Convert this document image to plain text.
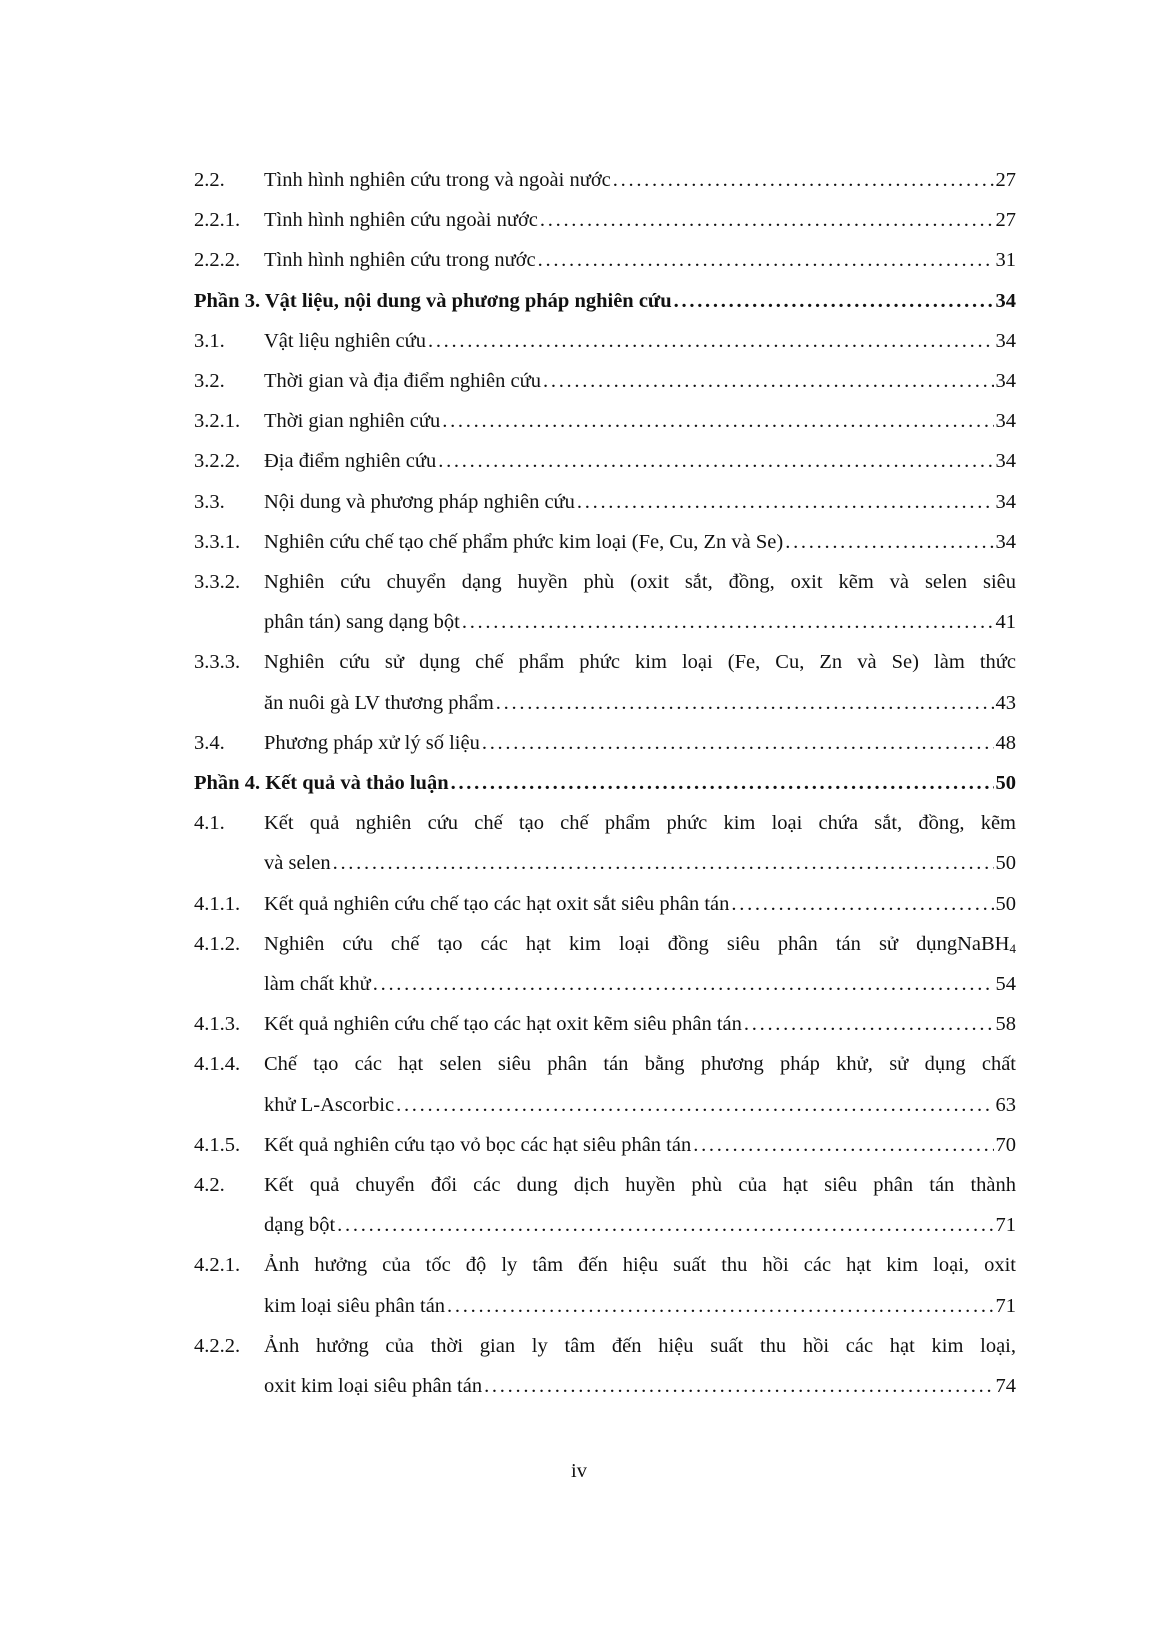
2.2.	Tình hình nghiên cứu trong và ngoài nước . . .	27
2.2.1.	Tình hình nghiên cứu ngoài nước . . .	27
2.2.2.	Tình hình nghiên cứu trong nước . . .	31
Phần 3. Vật liệu, nội dung và phương pháp nghiên cứu . . .	34
3.1.	Vật liệu nghiên cứu . . .	34
3.2.	Thời gian và địa điểm nghiên cứu . . .	34
3.2.1.	Thời gian nghiên cứu . . .	34
3.2.2.	Địa điểm nghiên cứu . . .	34
3.3.	Nội dung và phương pháp nghiên cứu . . .	34
3.3.1.	Nghiên cứu chế tạo chế phẩm phức kim loại (Fe, Cu, Zn và Se) . . .	34
3.3.2.	Nghiên cứu chuyển dạng huyền phù (oxit sắt, đồng, oxit kẽm và selen siêu
phân tán) sang dạng bột . . .	41
3.3.3.	Nghiên cứu sử dụng chế phẩm phức kim loại (Fe, Cu, Zn và Se) làm thức
ăn nuôi gà LV thương phẩm . . .	43
3.4.	Phương pháp xử lý số liệu . . .	48
Phần 4. Kết quả và thảo luận . . .	50
4.1.	Kết quả nghiên cứu chế tạo chế phẩm phức kim loại chứa sắt, đồng, kẽm
và selen . . .	50
4.1.1.	Kết quả nghiên cứu chế tạo các hạt oxit sắt siêu phân tán . . .	50
4.1.2.	Nghiên cứu chế tạo các hạt kim loại đồng siêu phân tán sử dụngNaBH$_4$
làm chất khử . . .	54
4.1.3.	Kết quả nghiên cứu chế tạo các hạt oxit kẽm siêu phân tán . . .	58
4.1.4.	Chế tạo các hạt selen siêu phân tán bằng phương pháp khử, sử dụng chất
khử L-Ascorbic . . .	63
4.1.5.	Kết quả nghiên cứu tạo vỏ bọc các hạt siêu phân tán . . .	70
4.2.	Kết quả chuyển đổi các dung dịch huyền phù của hạt siêu phân tán thành
dạng bột . . .	71
4.2.1.	Ảnh hưởng của tốc độ ly tâm đến hiệu suất thu hồi các hạt kim loại, oxit
kim loại siêu phân tán . . .	71
4.2.2.	Ảnh hưởng của thời gian ly tâm đến hiệu suất thu hồi các hạt kim loại,
oxit kim loại siêu phân tán . . .	74
iv
